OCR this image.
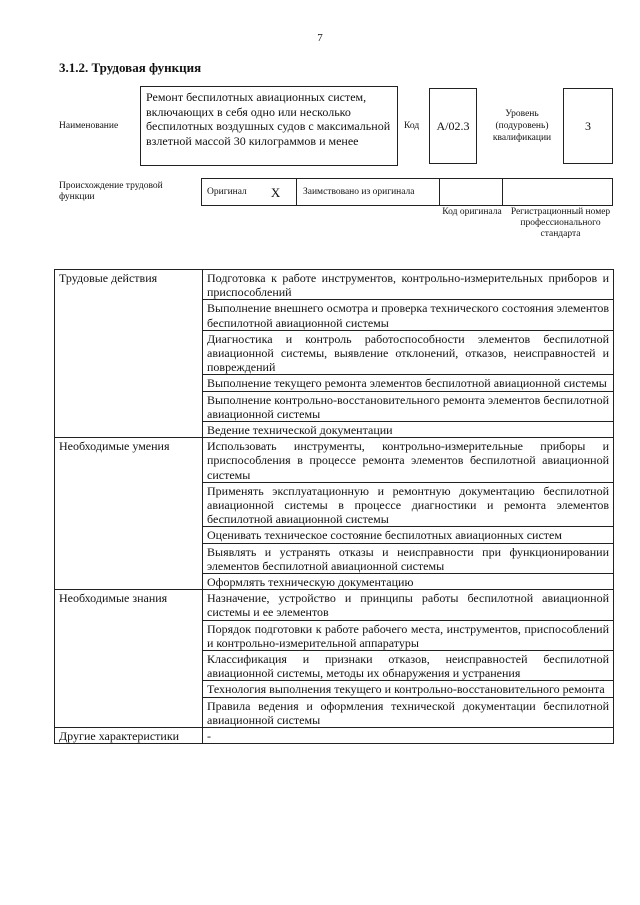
7
3.1.2. Трудовая функция
Наименование
Ремонт беспилотных авиационных систем, включающих в себя одно или несколько беспилотных воздушных судов с максимальной взлетной массой 30 килограммов и менее
Код	А/02.3
Уровень (подуровень) квалификации
3
Происхождение трудовой функции
Оригинал X Заимствовано из оригинала
Код оригинала Регистрационный номер профессионального стандарта
Трудовые действия	Подготовка к работе инструментов, контрольно-измерительных приборов и приспособлений
	Выполнение внешнего осмотра и проверка технического состояния элементов беспилотной авиационной системы
	Диагностика и контроль работоспособности элементов беспилотной авиационной системы, выявление отклонений, отказов, неисправностей и повреждений
	Выполнение текущего ремонта элементов беспилотной авиационной системы
	Выполнение контрольно-восстановительного ремонта элементов беспилотной авиационной системы
	Ведение технической документации
Необходимые умения	Использовать инструменты, контрольно-измерительные приборы и приспособления в процессе ремонта элементов беспилотной авиационной системы
	Применять эксплуатационную и ремонтную документацию беспилотной авиационной системы в процессе диагностики и ремонта элементов беспилотной авиационной системы
	Оценивать техническое состояние беспилотных авиационных систем
	Выявлять и устранять отказы и неисправности при функционировании элементов беспилотной авиационной системы
	Оформлять техническую документацию
Необходимые знания	Назначение, устройство и принципы работы беспилотной авиационной системы и ее элементов
	Порядок подготовки к работе рабочего места, инструментов, приспособлений и контрольно-измерительной аппаратуры
	Классификация и признаки отказов, неисправностей беспилотной авиационной системы, методы их обнаружения и устранения
	Технология выполнения текущего и контрольно-восстановительного ремонта
	Правила ведения и оформления технической документации беспилотной авиационной системы
Другие характеристики	-
